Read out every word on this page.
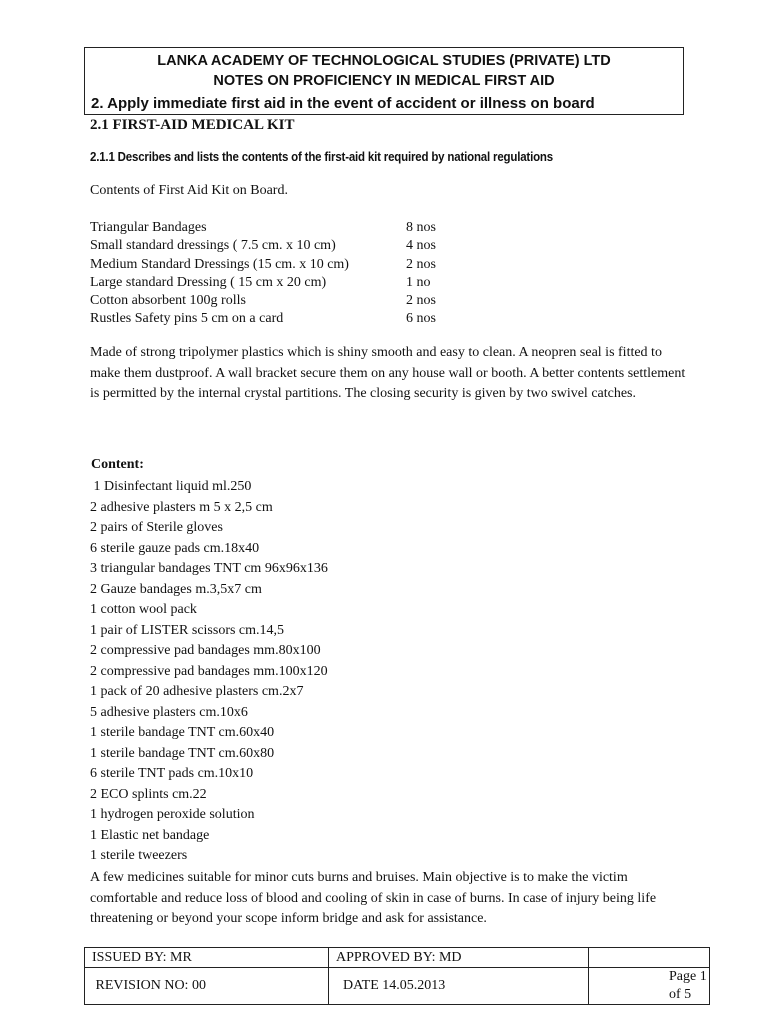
LANKA ACADEMY OF TECHNOLOGICAL STUDIES (PRIVATE) LTD
NOTES ON PROFICIENCY IN MEDICAL FIRST AID
2. Apply immediate first aid in the event of accident or illness on board
2.1 FIRST-AID MEDICAL KIT
2.1.1 Describes and lists the contents of the first-aid kit required by national regulations
Contents of First Aid Kit on Board.
Triangular Bandages	8 nos
Small standard dressings ( 7.5 cm. x 10 cm)	4 nos
Medium Standard Dressings (15 cm. x 10 cm)	2 nos
Large standard Dressing ( 15 cm x 20 cm)	1 no
Cotton absorbent 100g rolls	2 nos
Rustles Safety pins 5 cm on a card	6 nos
Made of strong tripolymer plastics which is shiny smooth and easy to clean. A neopren seal is fitted to make them dustproof. A wall bracket secure them on any house wall or booth. A better contents settlement is permitted by the internal crystal partitions. The closing security is given by two swivel catches.
Content:
1 Disinfectant liquid ml.250
2 adhesive plasters m 5 x 2,5 cm
2 pairs of Sterile gloves
6 sterile gauze pads cm.18x40
3 triangular bandages TNT cm 96x96x136
2 Gauze bandages m.3,5x7 cm
1 cotton wool pack
1 pair of LISTER scissors cm.14,5
2 compressive pad bandages mm.80x100
2 compressive pad bandages mm.100x120
1 pack of 20 adhesive plasters cm.2x7
5 adhesive plasters cm.10x6
1 sterile bandage TNT cm.60x40
1 sterile bandage TNT cm.60x80
6 sterile TNT pads cm.10x10
2 ECO splints cm.22
1 hydrogen peroxide solution
1 Elastic net bandage
1 sterile tweezers
A few medicines suitable for minor cuts burns and bruises. Main objective is to make the victim comfortable and reduce loss of blood and cooling of skin in case of burns. In case of injury being life threatening or beyond your scope inform bridge and ask for assistance.
ISSUED BY: MR	APPROVED BY: MD	
REVISION NO: 00	DATE 14.05.2013	Page 1 of 5
